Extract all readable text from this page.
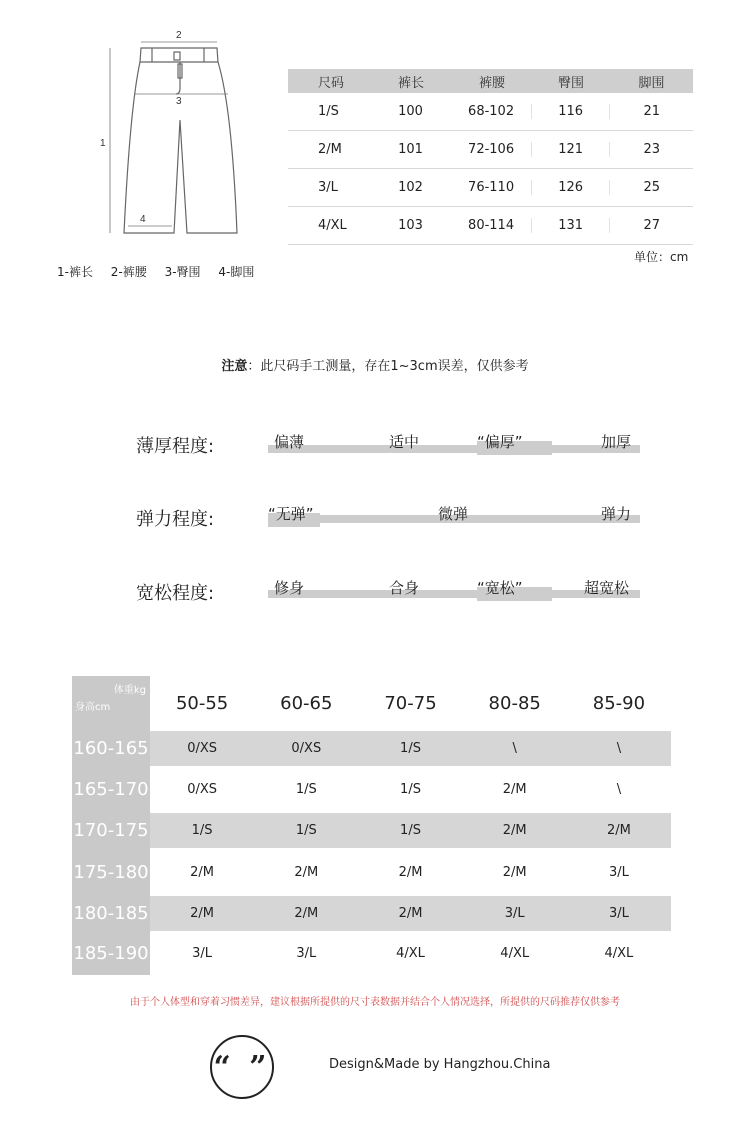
2
3
1
4
1-裤长 2-裤腰 3-臀围 4-脚围
尺码	裤长	裤腰	臀围	脚围
1/S	100	68-102	116	21
2/M	101	72-106	121	23
3/L	102	76-110	126	25
4/XL	103	80-114	131	27
单位：cm
注意：此尺码手工测量，存在1~3cm误差，仅供参考
薄厚程度:	偏薄	适中	“偏厚”	加厚
弹力程度:	“无弹”	微弹	弹力
宽松程度:	修身	合身	“宽松”	超宽松
体重kg
身高cm	50-55	60-65	70-75	80-85	85-90
160-165	0/XS	0/XS	1/S	\	\
165-170	0/XS	1/S	1/S	2/M	\
170-175	1/S	1/S	1/S	2/M	2/M
175-180	2/M	2/M	2/M	2/M	3/L
180-185	2/M	2/M	2/M	3/L	3/L
185-190	3/L	3/L	4/XL	4/XL	4/XL
由于个人体型和穿着习惯差异，建议根据所提供的尺寸表数据并结合个人情况选择，所提供的尺码推荐仅供参考
“ ”	Design&Made by Hangzhou.China
